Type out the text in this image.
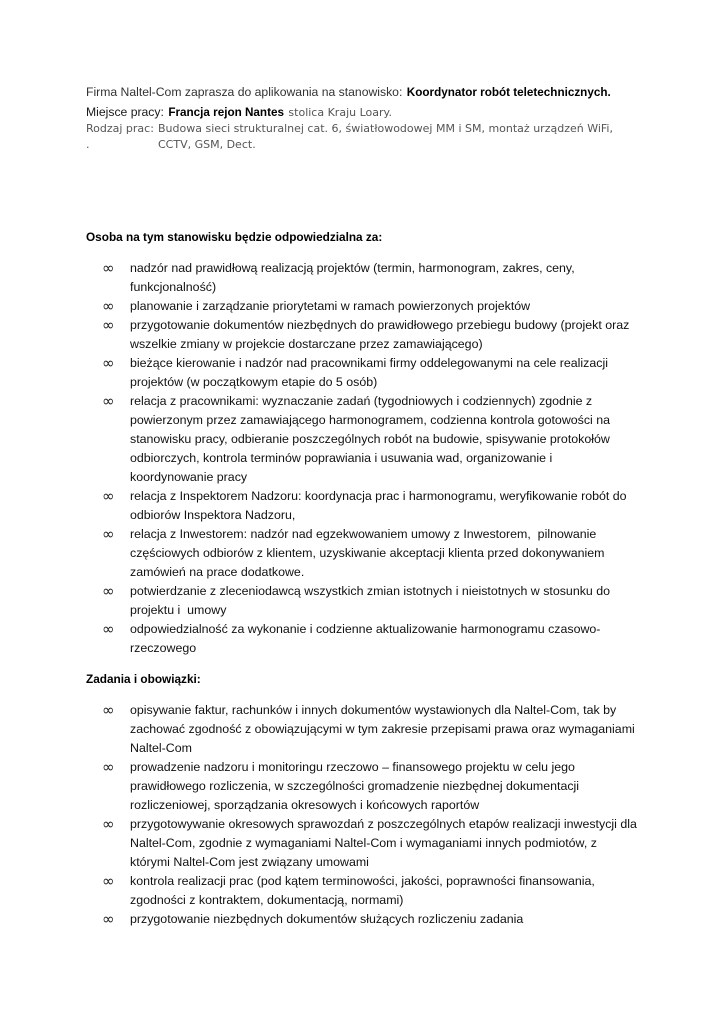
Firma Naltel-Com zaprasza do aplikowania na stanowisko: Koordynator robót teletechnicznych.
Miejsce pracy: Francja rejon Nantes stolica Kraju Loary.
Rodzaj prac: Budowa sieci strukturalnej cat. 6, światłowodowej MM i SM, montaż urządzeń WiFi,
.	CCTV, GSM, Dect.
Osoba na tym stanowisku będzie odpowiedzialna za:
∞	nadzór nad prawidłową realizacją projektów (termin, harmonogram, zakres, ceny,
funkcjonalność)
∞	planowanie i zarządzanie priorytetami w ramach powierzonych projektów
∞	przygotowanie dokumentów niezbędnych do prawidłowego przebiegu budowy (projekt oraz
wszelkie zmiany w projekcie dostarczane przez zamawiającego)
∞	bieżące kierowanie i nadzór nad pracownikami firmy oddelegowanymi na cele realizacji
projektów (w początkowym etapie do 5 osób)
∞	relacja z pracownikami: wyznaczanie zadań (tygodniowych i codziennych) zgodnie z
powierzonym przez zamawiającego harmonogramem, codzienna kontrola gotowości na
stanowisku pracy, odbieranie poszczególnych robót na budowie, spisywanie protokołów
odbiorczych, kontrola terminów poprawiania i usuwania wad, organizowanie i
koordynowanie pracy
∞	relacja z Inspektorem Nadzoru: koordynacja prac i harmonogramu, weryfikowanie robót do
odbiorów Inspektora Nadzoru,
∞	relacja z Inwestorem: nadzór nad egzekwowaniem umowy z Inwestorem,  pilnowanie
częściowych odbiorów z klientem, uzyskiwanie akceptacji klienta przed dokonywaniem
zamówień na prace dodatkowe.
∞	potwierdzanie z zleceniodawcą wszystkich zmian istotnych i nieistotnych w stosunku do
projektu i  umowy
∞	odpowiedzialność za wykonanie i codzienne aktualizowanie harmonogramu czasowo-
rzeczowego
Zadania i obowiązki:
∞	opisywanie faktur, rachunków i innych dokumentów wystawionych dla Naltel-Com, tak by
zachować zgodność z obowiązującymi w tym zakresie przepisami prawa oraz wymaganiami
Naltel-Com
∞	prowadzenie nadzoru i monitoringu rzeczowo – finansowego projektu w celu jego
prawidłowego rozliczenia, w szczególności gromadzenie niezbędnej dokumentacji
rozliczeniowej, sporządzania okresowych i końcowych raportów
∞	przygotowywanie okresowych sprawozdań z poszczególnych etapów realizacji inwestycji dla
Naltel-Com, zgodnie z wymaganiami Naltel-Com i wymaganiami innych podmiotów, z
którymi Naltel-Com jest związany umowami
∞	kontrola realizacji prac (pod kątem terminowości, jakości, poprawności finansowania,
zgodności z kontraktem, dokumentacją, normami)
∞	przygotowanie niezbędnych dokumentów służących rozliczeniu zadania
